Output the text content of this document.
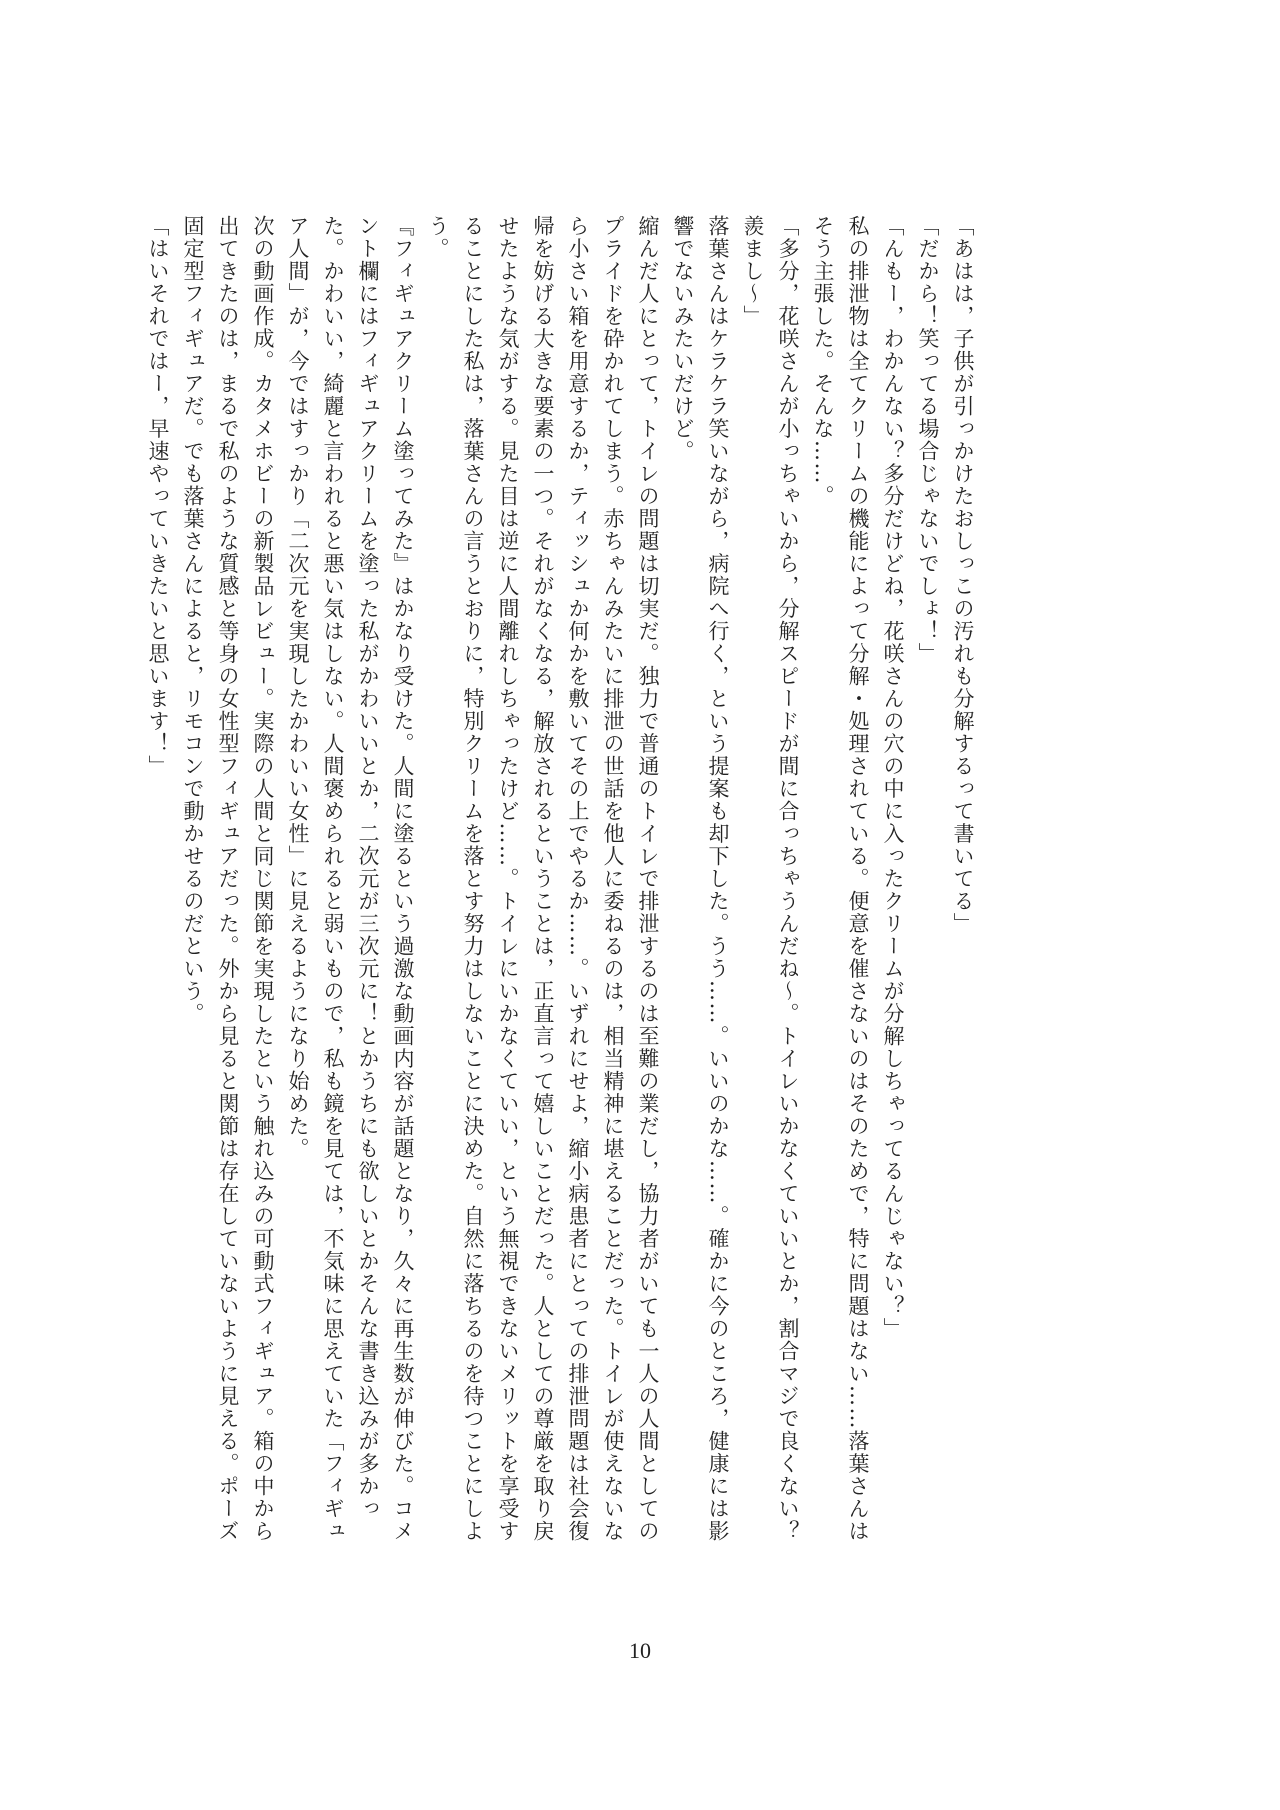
「あはは，子供が引っかけたおしっこの汚れも分解するって書いてる」

「だから！笑ってる場合じゃないでしょ！」

「んもー，わかんない？多分だけどね，花咲さんの穴の中に入ったクリームが分解しちゃってるんじゃない？」

私の排泄物は全てクリームの機能によって分解・処理されている。便意を催さないのはそのためで，特に問題はない……落葉さんはそう主張した。そんな……。

「多分，花咲さんが小っちゃいから，分解スピードが間に合っちゃうんだね～。トイレいかなくていいとか，割合マジで良くない？羨まし～」

落葉さんはケラケラ笑いながら，病院へ行く，という提案も却下した。うう……。いいのかな……。確かに今のところ，健康には影響でないみたいだけど。

縮んだ人にとって，トイレの問題は切実だ。独力で普通のトイレで排泄するのは至難の業だし，協力者がいても一人の人間としてのプライドを砕かれてしまう。赤ちゃんみたいに排泄の世話を他人に委ねるのは，相当精神に堪えることだった。トイレが使えないなら小さい箱を用意するか，ティッシュか何かを敷いてその上でやるか……。いずれにせよ，縮小病患者にとっての排泄問題は社会復帰を妨げる大きな要素の一つ。それがなくなる，解放されるということは，正直言って嬉しいことだった。人としての尊厳を取り戻せたような気がする。見た目は逆に人間離れしちゃったけど……。トイレにいかなくていい，という無視できないメリットを享受することにした私は，落葉さんの言うとおりに，特別クリームを落とす努力はしないことに決めた。自然に落ちるのを待つことにしよう。

『フィギュアクリーム塗ってみた』はかなり受けた。人間に塗るという過激な動画内容が話題となり，久々に再生数が伸びた。コメント欄にはフィギュアクリームを塗った私がかわいいとか，二次元が三次元に！とかうちにも欲しいとかそんな書き込みが多かった。かわいい，綺麗と言われると悪い気はしない。人間褒められると弱いもので，私も鏡を見ては，不気味に思えていた「フィギュア人間」が，今ではすっかり「二次元を実現したかわいい女性」に見えるようになり始めた。

次の動画作成。カタメホビーの新製品レビュー。実際の人間と同じ関節を実現したという触れ込みの可動式フィギュア。箱の中から出てきたのは，まるで私のような質感と等身の女性型フィギュアだった。外から見ると関節は存在していないように見える。ポーズ固定型フィギュアだ。でも落葉さんによると，リモコンで動かせるのだという。

「はいそれではー，早速やっていきたいと思います！」

10
